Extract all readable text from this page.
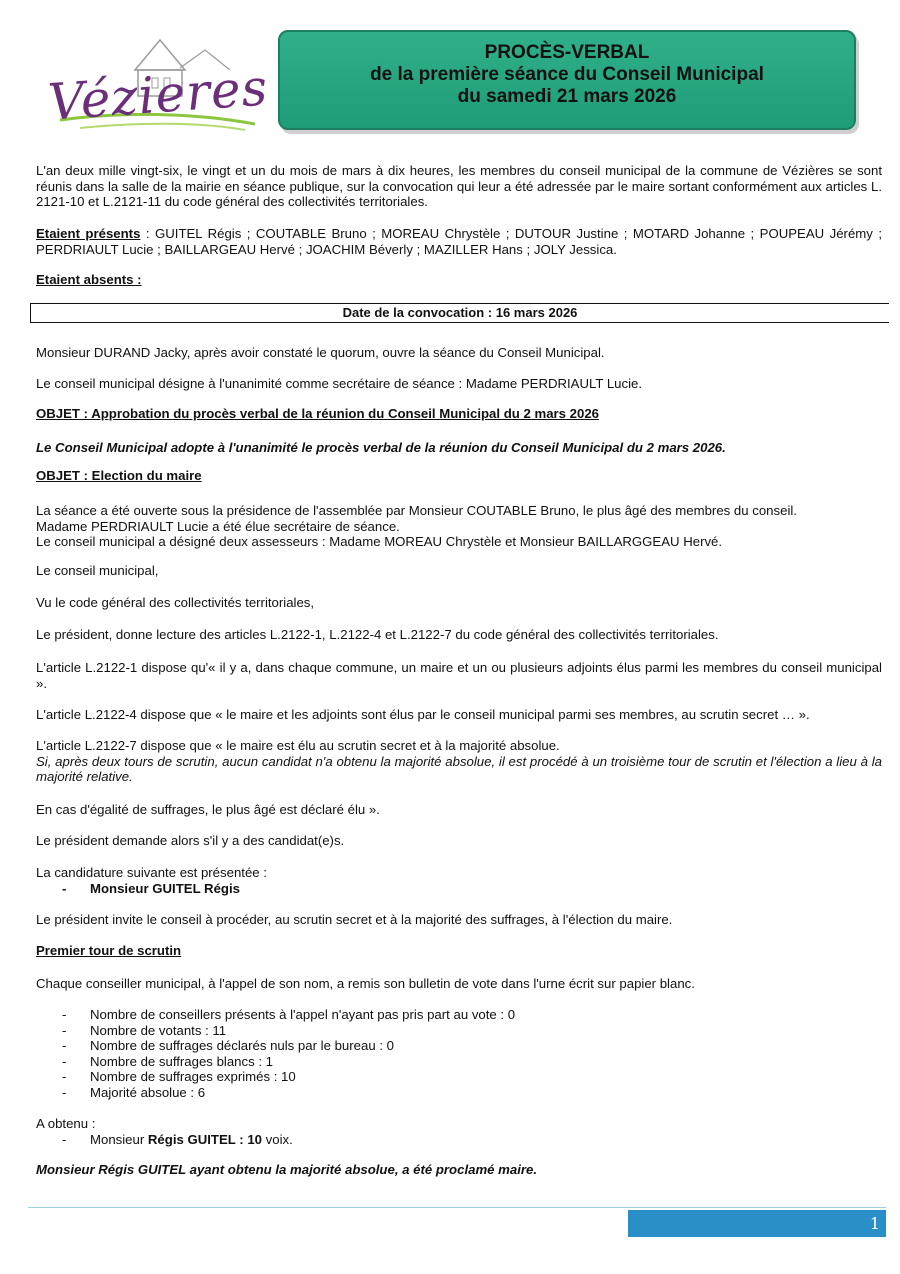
Vézieres
PROCÈS-VERBAL
de la première séance du Conseil Municipal
du samedi 21 mars 2026
L'an deux mille vingt-six, le vingt et un du mois de mars à dix heures, les membres du conseil municipal de la commune de Vézières se sont réunis dans la salle de la mairie en séance publique, sur la convocation qui leur a été adressée par le maire sortant conformément aux articles L. 2121-10 et L.2121-11 du code général des collectivités territoriales.
Etaient présents : GUITEL Régis ; COUTABLE Bruno ; MOREAU Chrystèle ; DUTOUR Justine ; MOTARD Johanne ; POUPEAU Jérémy ; PERDRIAULT Lucie ; BAILLARGEAU Hervé ; JOACHIM Béverly ; MAZILLER Hans ; JOLY Jessica.
Etaient absents :
Date de la convocation : 16 mars 2026
Monsieur DURAND Jacky, après avoir constaté le quorum, ouvre la séance du Conseil Municipal.
Le conseil municipal désigne à l'unanimité comme secrétaire de séance : Madame PERDRIAULT Lucie.
OBJET : Approbation du procès verbal de la réunion du Conseil Municipal du 2 mars 2026
Le Conseil Municipal adopte à l'unanimité le procès verbal de la réunion du Conseil Municipal du 2 mars 2026.
OBJET : Election du maire
La séance a été ouverte sous la présidence de l'assemblée par Monsieur COUTABLE Bruno, le plus âgé des membres du conseil.
Madame PERDRIAULT Lucie a été élue secrétaire de séance.
Le conseil municipal a désigné deux assesseurs : Madame MOREAU Chrystèle et Monsieur BAILLARGGEAU Hervé.
Le conseil municipal,
Vu le code général des collectivités territoriales,
Le président, donne lecture des articles L.2122-1, L.2122-4 et L.2122-7 du code général des collectivités territoriales.
L'article L.2122-1 dispose qu'« il y a, dans chaque commune, un maire et un ou plusieurs adjoints élus parmi les membres du conseil municipal ».
L'article L.2122-4 dispose que « le maire et les adjoints sont élus par le conseil municipal parmi ses membres, au scrutin secret … ».
L'article L.2122-7 dispose que « le maire est élu au scrutin secret et à la majorité absolue.
Si, après deux tours de scrutin, aucun candidat n'a obtenu la majorité absolue, il est procédé à un troisième tour de scrutin et l'élection a lieu à la majorité relative.
En cas d'égalité de suffrages, le plus âgé est déclaré élu ».
Le président demande alors s'il y a des candidat(e)s.
La candidature suivante est présentée :
- Monsieur GUITEL Régis
Le président invite le conseil à procéder, au scrutin secret et à la majorité des suffrages, à l'élection du maire.
Premier tour de scrutin
Chaque conseiller municipal, à l'appel de son nom, a remis son bulletin de vote dans l'urne écrit sur papier blanc.
- Nombre de conseillers présents à l'appel n'ayant pas pris part au vote : 0
- Nombre de votants : 11
- Nombre de suffrages déclarés nuls par le bureau : 0
- Nombre de suffrages blancs : 1
- Nombre de suffrages exprimés : 10
- Majorité absolue : 6
A obtenu :
- Monsieur Régis GUITEL : 10 voix.
Monsieur Régis GUITEL ayant obtenu la majorité absolue, a été proclamé maire.
1
